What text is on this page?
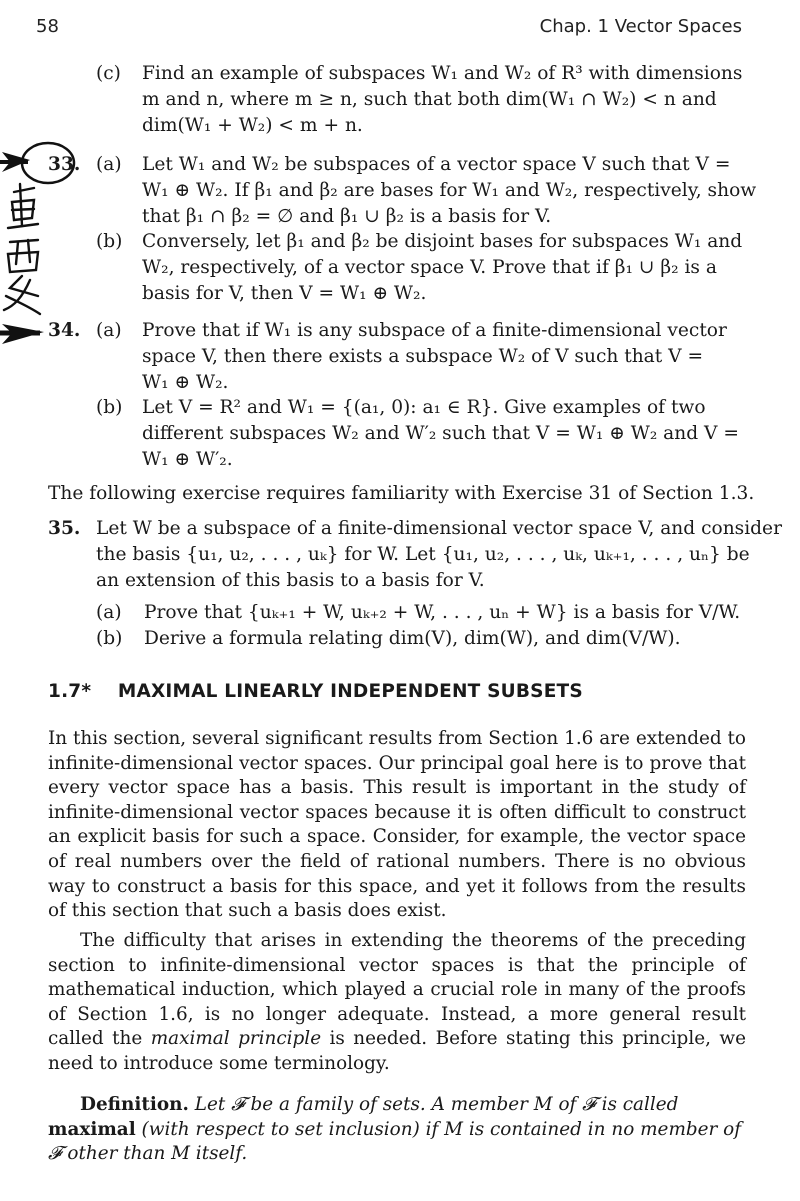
58	Chap. 1 Vector Spaces
(c) Find an example of subspaces W₁ and W₂ of R³ with dimensions
m and n, where m ≥ n, such that both dim(W₁ ∩ W₂) < n and
dim(W₁ + W₂) < m + n.
33. (a) Let W₁ and W₂ be subspaces of a vector space V such that V =
W₁ ⊕ W₂. If β₁ and β₂ are bases for W₁ and W₂, respectively, show
that β₁ ∩ β₂ = ∅ and β₁ ∪ β₂ is a basis for V.
(b) Conversely, let β₁ and β₂ be disjoint bases for subspaces W₁ and
W₂, respectively, of a vector space V. Prove that if β₁ ∪ β₂ is a
basis for V, then V = W₁ ⊕ W₂.
34. (a) Prove that if W₁ is any subspace of a finite-dimensional vector
space V, then there exists a subspace W₂ of V such that V =
W₁ ⊕ W₂.
(b) Let V = R² and W₁ = {(a₁, 0): a₁ ∈ R}. Give examples of two
different subspaces W₂ and W′₂ such that V = W₁ ⊕ W₂ and V =
W₁ ⊕ W′₂.
The following exercise requires familiarity with Exercise 31 of Section 1.3.
35. Let W be a subspace of a finite-dimensional vector space V, and consider
the basis {u₁, u₂, . . . , uₖ} for W. Let {u₁, u₂, . . . , uₖ, uₖ₊₁, . . . , uₙ} be
an extension of this basis to a basis for V.
(a) Prove that {uₖ₊₁ + W, uₖ₊₂ + W, . . . , uₙ + W} is a basis for V/W.
(b) Derive a formula relating dim(V), dim(W), and dim(V/W).
1.7* MAXIMAL LINEARLY INDEPENDENT SUBSETS
In this section, several significant results from Section 1.6 are extended to infinite-dimensional vector spaces. Our principal goal here is to prove that every vector space has a basis. This result is important in the study of infinite-dimensional vector spaces because it is often difficult to construct an explicit basis for such a space. Consider, for example, the vector space of real numbers over the field of rational numbers. There is no obvious way to construct a basis for this space, and yet it follows from the results of this section that such a basis does exist.
The difficulty that arises in extending the theorems of the preceding section to infinite-dimensional vector spaces is that the principle of mathematical induction, which played a crucial role in many of the proofs of Section 1.6, is no longer adequate. Instead, a more general result called the maximal principle is needed. Before stating this principle, we need to introduce some terminology.
Definition. Let 𝓕 be a family of sets. A member M of 𝓕 is called maximal (with respect to set inclusion) if M is contained in no member of 𝓕 other than M itself.
